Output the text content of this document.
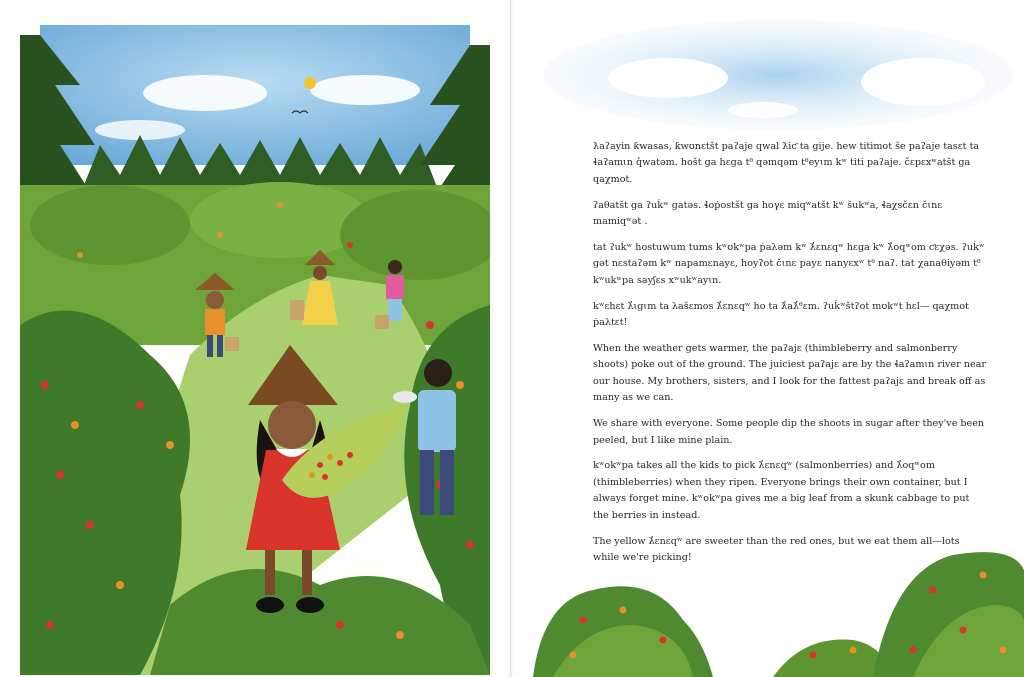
ƛaʔayin ƙwasas, ƙwʊnɛtšt paʔaje qwal ƛiƈ ta gije. hew titimot še paʔaje tasɛt ta ɬaʔamɩn q̓watəm. hošt ga hɛga tᶿ qəmqəm tᶿeyɩm kʷ titi paʔaje. čɛpɛxʷatšt ga qaχmot.

ʔaθatšt ga ʔuḱʷ gatəs. ɬoṗostšt ga hoγɛ miqʷatšt kʷ šukʷa, ɬaχsčɛn čɩnɛ mamiqʷət .

tat ʔuḱʷ hostuwum tums kʷʊkʷpa ṗaλəm kʷ ƛ̓ɛnɛqʷ hɛga kʷ ƛ̓oqʷom ƈɛχəs. ʔuḱʷ gət nɛstaʔəm kʷ napamɛnayɛ, hoyʔot čɩnɛ payɛ nanyɛxʷ tᶿ naʔ. tat χanaθiyəm tᶿ kʷukʷpa sayʃɛs xʷukʷayɩn.

kʷɛhɛt ƛ̓ɩgɩm ta λašɛmos ƛ̓ɛnɛqʷ ho ta ƛ̓aƛ̓ᶿɛm. ʔuḱʷštʔot mʊkʷt hɛl— qaχmot ṗaλtɛt!

When the weather gets warmer, the paʔajɛ (thimbleberry and salmonberry shoots) poke out of the ground. The juiciest paʔajɛ are by the ɬaʔamɩn river near our house. My brothers, sisters, and I look for the fattest paʔajɛ and break off as many as we can.

We share with everyone. Some people dip the shoots in sugar after they've been peeled, but I like mine plain.

kʷokʷpa takes all the kids to pick ƛ̓ɛnɛqʷ (salmonberries) and ƛ̓oqʷom (thimbleberries) when they ripen. Everyone brings their own container, but I always forget mine. kʷokʷpa gives me a big leaf from a skunk cabbage to put the berries in instead.

The yellow ƛ̓ɛnɛqʷ are sweeter than the red ones, but we eat them all—lots while we're picking!
